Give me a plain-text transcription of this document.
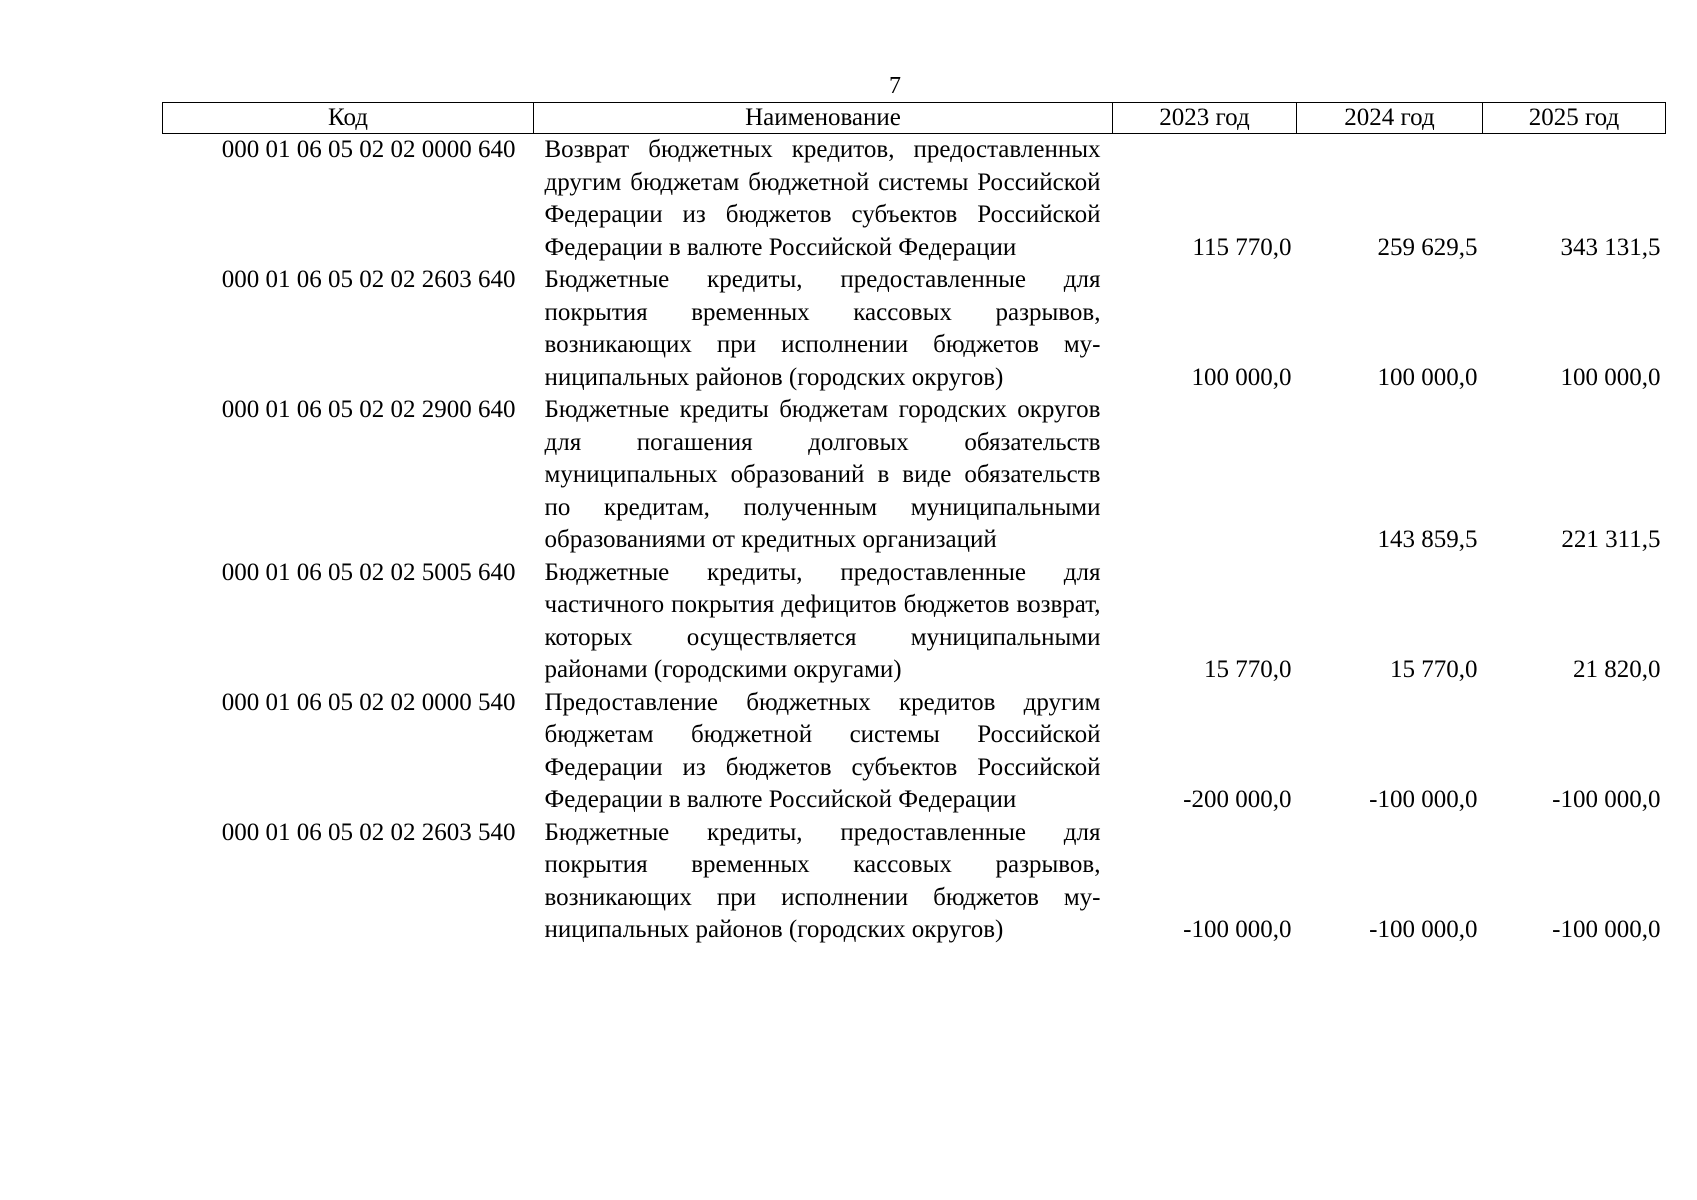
7
Код	Наименование	2023 год	2024 год	2025 год
000 01 06 05 02 02 0000 640	Возврат бюджетных кредитов, предоставленных другим бюджетам бюджетной системы Российской Федерации из бюджетов субъектов Российской Федерации в валюте Российской Федерации	115 770,0	259 629,5	343 131,5
000 01 06 05 02 02 2603 640	Бюджетные кредиты, предоставленные для покрытия временных кассовых разрывов, возникающих при исполнении бюджетов муниципальных районов (городских округов)	100 000,0	100 000,0	100 000,0
000 01 06 05 02 02 2900 640	Бюджетные кредиты бюджетам городских округов для погашения долговых обязательств муниципальных образований в виде обязательств по кредитам, полученным муниципальными образованиями от кредитных организаций		143 859,5	221 311,5
000 01 06 05 02 02 5005 640	Бюджетные кредиты, предоставленные для частичного покрытия дефицитов бюджетов возврат, которых осуществляется муниципальными районами (городскими округами)	15 770,0	15 770,0	21 820,0
000 01 06 05 02 02 0000 540	Предоставление бюджетных кредитов другим бюджетам бюджетной системы Российской Федерации из бюджетов субъектов Российской Федерации в валюте Российской Федерации	-200 000,0	-100 000,0	-100 000,0
000 01 06 05 02 02 2603 540	Бюджетные кредиты, предоставленные для покрытия временных кассовых разрывов, возникающих при исполнении бюджетов муниципальных районов (городских округов)	-100 000,0	-100 000,0	-100 000,0
